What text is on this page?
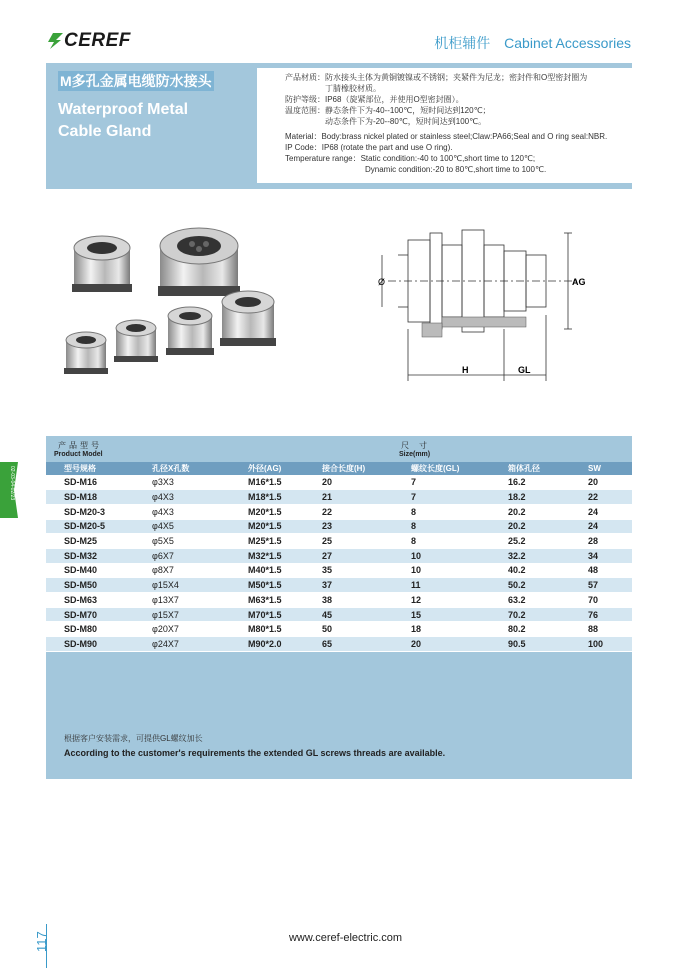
CEREF	机柜辅件 Cabinet Accessories
M多孔金属电缆防水接头
Waterproof Metal
Cable Gland
产品材质：防水接头主体为黄铜镀镍或不锈钢；夹紧件为尼龙；密封件和O型密封圈为
丁腈橡胶材质。
防护等级：IP68（旋紧部位，并使用O型密封圈）。
温度范围：静态条件下为-40--100℃，短时间达到120℃；
动态条件下为-20--80℃，短时间达到100℃。
Material：Body:brass nickel plated or stainless steel;Claw:PA66;Seal and O ring seal:NBR.
IP Code：IP68 (rotate the part and use O ring).
Temperature range：Static condition:-40 to 100℃,short time to 120℃;
Dynamic condition:-20 to 80℃,short time to 100℃.
Ø	AG
H	GL
02-03-04-02/23
产品型号
Product Model
尺寸
Size(mm)
型号规格	孔径X孔数	外径(AG)	接合长度(H)	螺纹长度(GL)	箱体孔径	SW
SD-M16	φ3X3	M16*1.5	20	7	16.2	20
SD-M18	φ4X3	M18*1.5	21	7	18.2	22
SD-M20-3	φ4X3	M20*1.5	22	8	20.2	24
SD-M20-5	φ4X5	M20*1.5	23	8	20.2	24
SD-M25	φ5X5	M25*1.5	25	8	25.2	28
SD-M32	φ6X7	M32*1.5	27	10	32.2	34
SD-M40	φ8X7	M40*1.5	35	10	40.2	48
SD-M50	φ15X4	M50*1.5	37	11	50.2	57
SD-M63	φ13X7	M63*1.5	38	12	63.2	70
SD-M70	φ15X7	M70*1.5	45	15	70.2	76
SD-M80	φ20X7	M80*1.5	50	18	80.2	88
SD-M90	φ24X7	M90*2.0	65	20	90.5	100
根据客户安装需求，可提供GL螺纹加长
According to the customer's requirements the extended GL screws threads are available.
117	www.ceref-electric.com
